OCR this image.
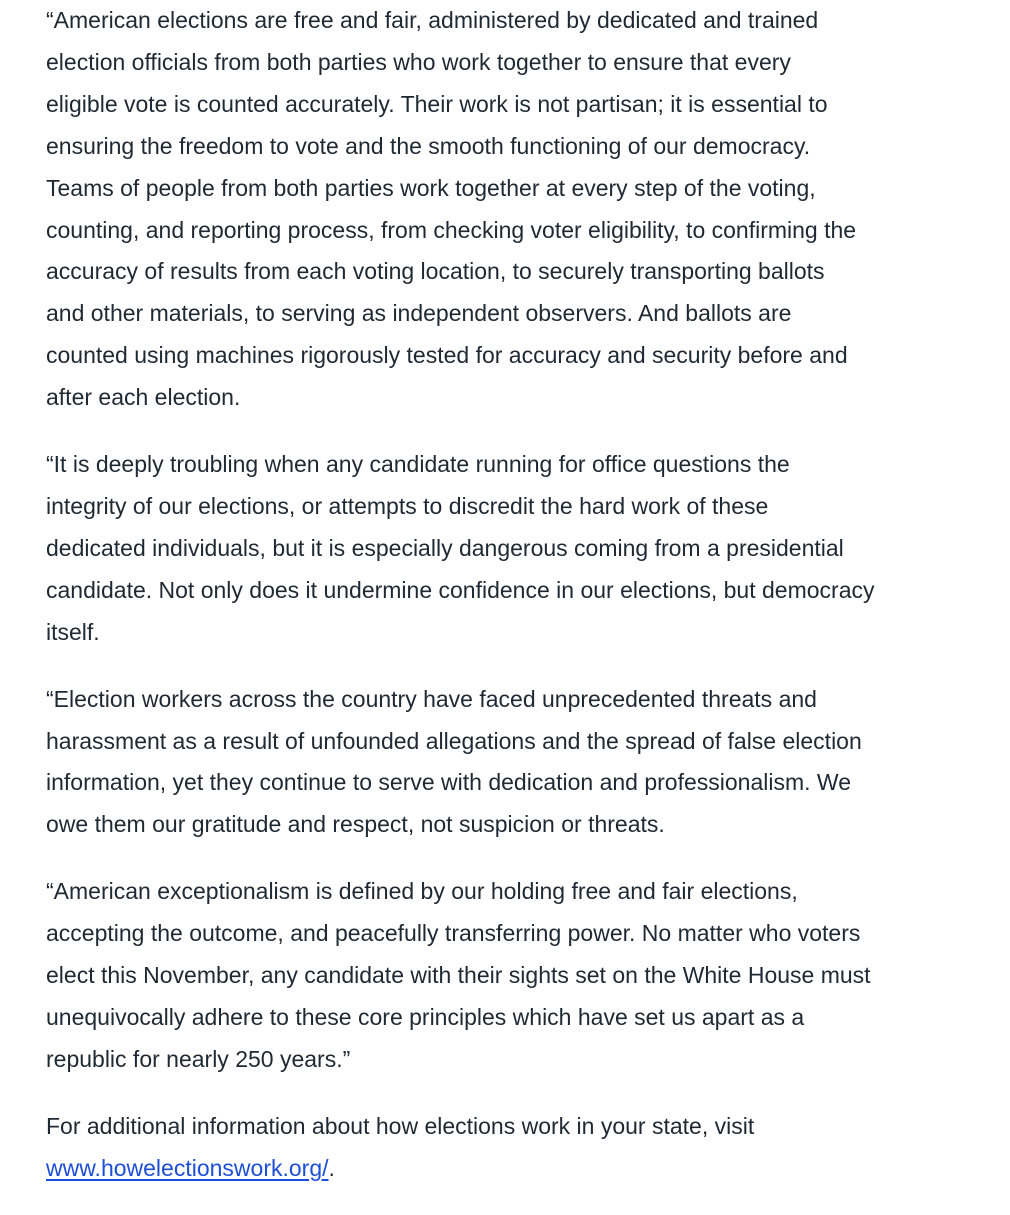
“American elections are free and fair, administered by dedicated and trained
election officials from both parties who work together to ensure that every
eligible vote is counted accurately. Their work is not partisan; it is essential to
ensuring the freedom to vote and the smooth functioning of our democracy.
Teams of people from both parties work together at every step of the voting,
counting, and reporting process, from checking voter eligibility, to confirming the
accuracy of results from each voting location, to securely transporting ballots
and other materials, to serving as independent observers. And ballots are
counted using machines rigorously tested for accuracy and security before and
after each election.

“It is deeply troubling when any candidate running for office questions the
integrity of our elections, or attempts to discredit the hard work of these
dedicated individuals, but it is especially dangerous coming from a presidential
candidate. Not only does it undermine confidence in our elections, but democracy
itself.

“Election workers across the country have faced unprecedented threats and
harassment as a result of unfounded allegations and the spread of false election
information, yet they continue to serve with dedication and professionalism. We
owe them our gratitude and respect, not suspicion or threats.

“American exceptionalism is defined by our holding free and fair elections,
accepting the outcome, and peacefully transferring power. No matter who voters
elect this November, any candidate with their sights set on the White House must
unequivocally adhere to these core principles which have set us apart as a
republic for nearly 250 years.”

For additional information about how elections work in your state, visit
www.howelectionswork.org/.
